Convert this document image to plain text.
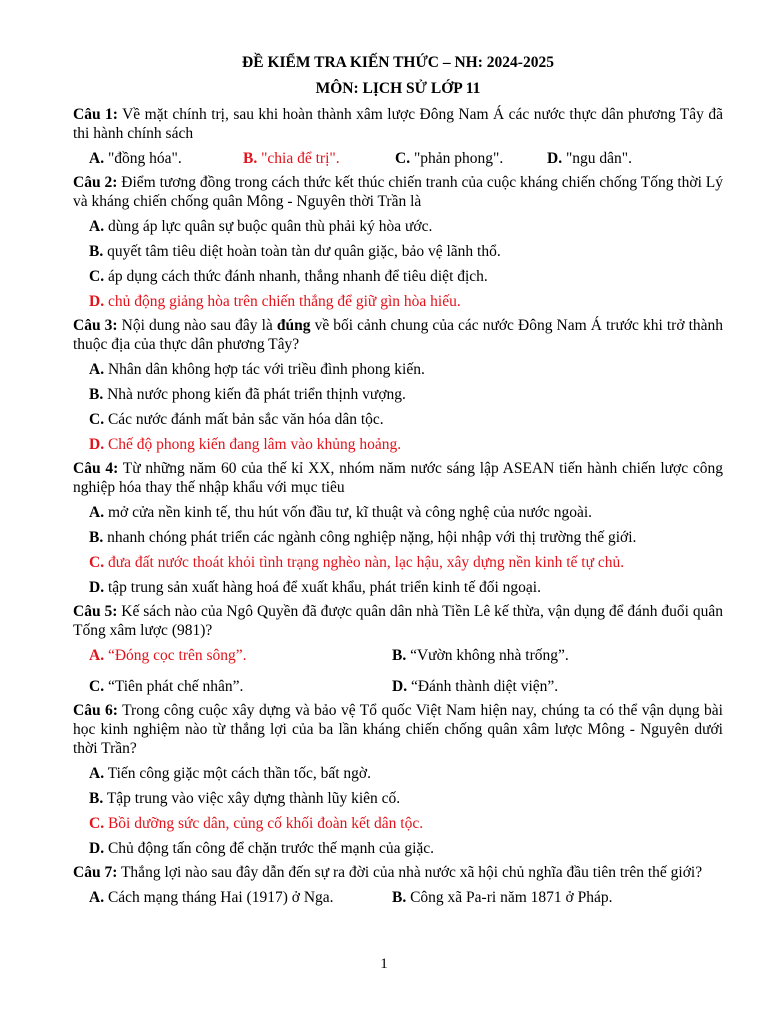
ĐỀ KIỂM TRA KIẾN THỨC – NH: 2024-2025
MÔN: LỊCH SỬ LỚP 11
Câu 1: Về mặt chính trị, sau khi hoàn thành xâm lược Đông Nam Á các nước thực dân phương Tây đã thi hành chính sách
A. "đồng hóa".	B. "chia để trị".	C. "phản phong".	D. "ngu dân".
Câu 2: Điểm tương đồng trong cách thức kết thúc chiến tranh của cuộc kháng chiến chống Tống thời Lý và kháng chiến chống quân Mông - Nguyên thời Trần là
A. dùng áp lực quân sự buộc quân thù phải ký hòa ước.
B. quyết tâm tiêu diệt hoàn toàn tàn dư quân giặc, bảo vệ lãnh thổ.
C. áp dụng cách thức đánh nhanh, thắng nhanh để tiêu diệt địch.
D. chủ động giảng hòa trên chiến thắng để giữ gìn hòa hiếu.
Câu 3: Nội dung nào sau đây là đúng về bối cảnh chung của các nước Đông Nam Á trước khi trở thành thuộc địa của thực dân phương Tây?
A. Nhân dân không hợp tác với triều đình phong kiến.
B. Nhà nước phong kiến đã phát triển thịnh vượng.
C. Các nước đánh mất bản sắc văn hóa dân tộc.
D. Chế độ phong kiến đang lâm vào khủng hoảng.
Câu 4: Từ những năm 60 của thế kỉ XX, nhóm năm nước sáng lập ASEAN tiến hành chiến lược công nghiệp hóa thay thế nhập khẩu với mục tiêu
A. mở cửa nền kinh tế, thu hút vốn đầu tư, kĩ thuật và công nghệ của nước ngoài.
B. nhanh chóng phát triển các ngành công nghiệp nặng, hội nhập với thị trường thế giới.
C. đưa đất nước thoát khỏi tình trạng nghèo nàn, lạc hậu, xây dựng nền kinh tế tự chủ.
D. tập trung sản xuất hàng hoá để xuất khẩu, phát triển kinh tế đối ngoại.
Câu 5: Kế sách nào của Ngô Quyền đã được quân dân nhà Tiền Lê kế thừa, vận dụng để đánh đuổi quân Tống xâm lược (981)?
A. “Đóng cọc trên sông”.	B. “Vườn không nhà trống”.
C. “Tiên phát chế nhân”.	D. “Đánh thành diệt viện”.
Câu 6: Trong công cuộc xây dựng và bảo vệ Tổ quốc Việt Nam hiện nay, chúng ta có thể vận dụng bài học kinh nghiệm nào từ thắng lợi của ba lần kháng chiến chống quân xâm lược Mông - Nguyên dưới thời Trần?
A. Tiến công giặc một cách thần tốc, bất ngờ.
B. Tập trung vào việc xây dựng thành lũy kiên cố.
C. Bồi dưỡng sức dân, củng cố khối đoàn kết dân tộc.
D. Chủ động tấn công để chặn trước thế mạnh của giặc.
Câu 7: Thắng lợi nào sau đây dẫn đến sự ra đời của nhà nước xã hội chủ nghĩa đầu tiên trên thế giới?
A. Cách mạng tháng Hai (1917) ở Nga.	B. Công xã Pa-ri năm 1871 ở Pháp.
1
